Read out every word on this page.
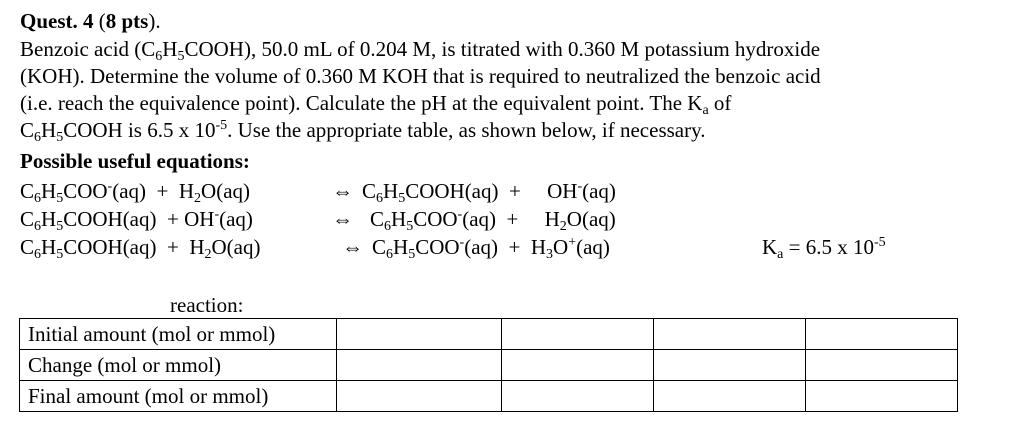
Quest. 4 (8 pts).
Benzoic acid $(C_6H_5COOH)$, 50.0 mL of 0.204 M, is titrated with 0.360 M potassium hydroxide
(KOH). Determine the volume of 0.360 M KOH that is required to neutralized the benzoic acid
(i.e. reach the equivalence point). Calculate the pH at the equivalent point. The $K_a$ of
$C_6H_5COOH$ is 6.5 x $10^{-5}$. Use the appropriate table, as shown below, if necessary.
Possible useful equations:
$C_6H_5COO^-(aq) + H_2O(aq)$	⇔ $C_6H_5COOH(aq)$  +     OH-(aq)
$C_6H_5COOH(aq) + OH^-(aq)$	⇔ $C_6H_5COO^-(aq)$  +     $H_2O(aq)$
$C_6H_5COOH(aq) + H_2O(aq)$	⇔ $C_6H_5COO^-(aq) + H_3O^+(aq)$	$K_a = 6.5$ x $10^{-5}$
reaction:
Initial amount (mol or mmol)				
Change (mol or mmol)				
Final amount (mol or mmol)				
